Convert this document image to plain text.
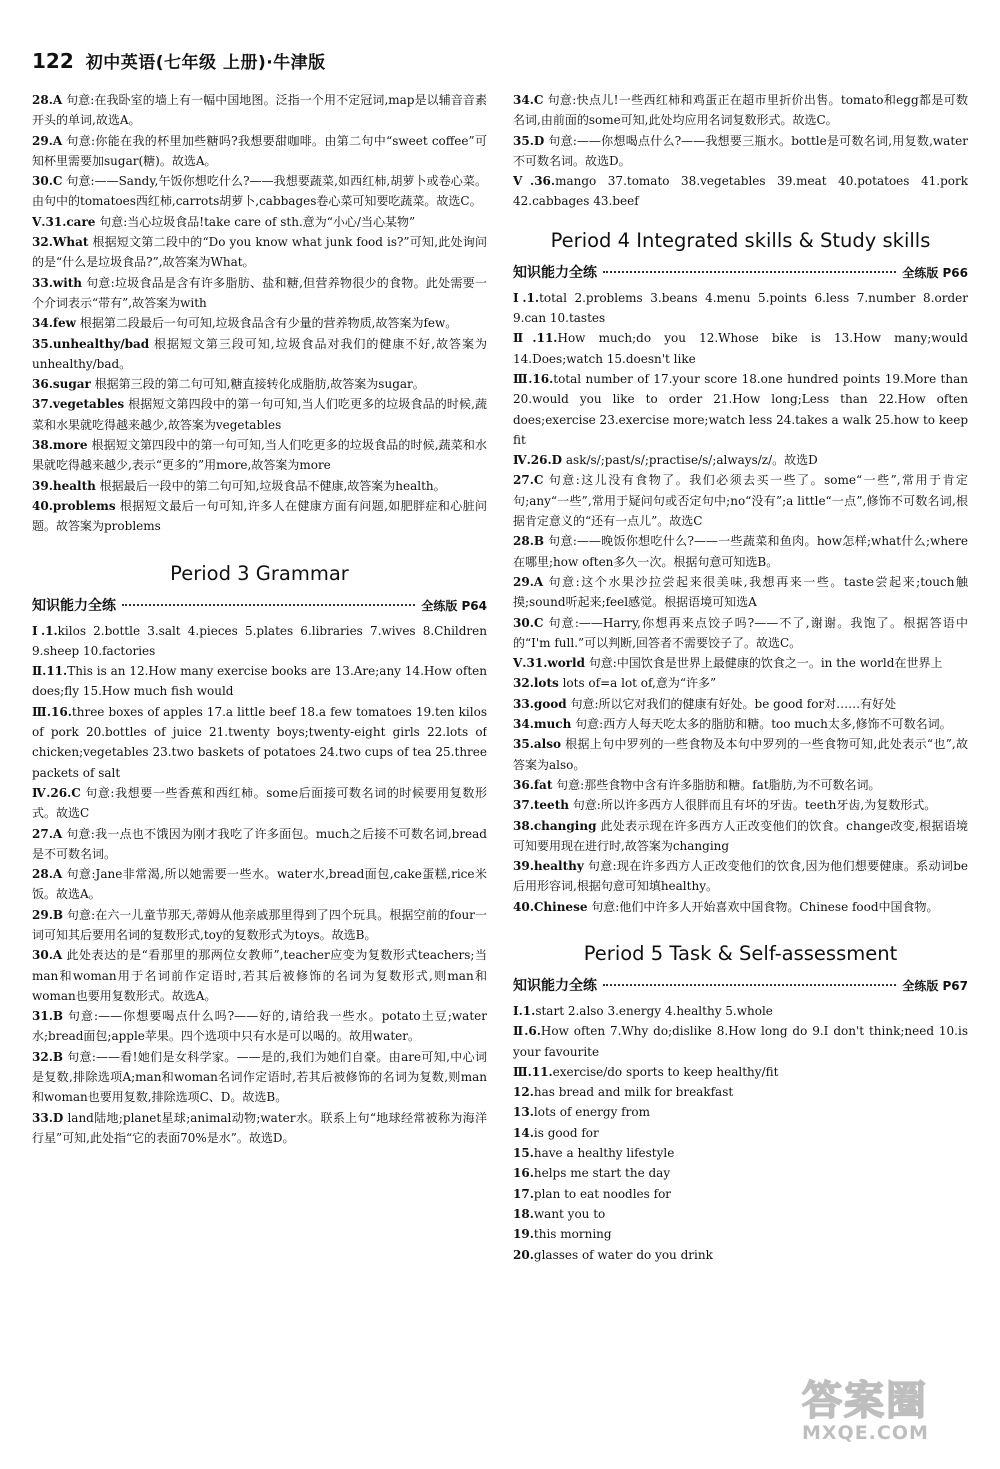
122 初中英语(七年级 上册)·牛津版

28.A 句意:在我卧室的墙上有一幅中国地图。泛指一个用不定冠词,map是以辅音音素开头的单词,故选A。

29.A 句意:你能在我的杯里加些糖吗?我想要甜咖啡。由第二句中“sweet coffee”可知杯里需要加sugar(糖)。故选A。

30.C 句意:——Sandy,午饭你想吃什么?——我想要蔬菜,如西红柿,胡萝卜或卷心菜。由句中的tomatoes西红柿,carrots胡萝卜,cabbages卷心菜可知要吃蔬菜。故选C。

Ⅴ.31.care 句意:当心垃圾食品!take care of sth.意为“小心/当心某物”

32.What 根据短文第二段中的“Do you know what junk food is?”可知,此处询问的是“什么是垃圾食品?”,故答案为What。

33.with 句意:垃圾食品是含有许多脂肪、盐和糖,但营养物很少的食物。此处需要一个介词表示“带有”,故答案为with

34.few 根据第二段最后一句可知,垃圾食品含有少量的营养物质,故答案为few。

35.unhealthy/bad 根据短文第三段可知,垃圾食品对我们的健康不好,故答案为unhealthy/bad。

36.sugar 根据第三段的第二句可知,糖直接转化成脂肪,故答案为sugar。

37.vegetables 根据短文第四段中的第一句可知,当人们吃更多的垃圾食品的时候,蔬菜和水果就吃得越来越少,故答案为vegetables

38.more 根据短文第四段中的第一句可知,当人们吃更多的垃圾食品的时候,蔬菜和水果就吃得越来越少,表示“更多的”用more,故答案为more

39.health 根据最后一段中的第二句可知,垃圾食品不健康,故答案为health。

40.problems 根据短文最后一句可知,许多人在健康方面有问题,如肥胖症和心脏问题。故答案为problems

Period 3 Grammar
知识能力全练	全练版 P64

Ⅰ.1.kilos 2.bottle 3.salt 4.pieces 5.plates 6.libraries 7.wives 8.Children 9.sheep 10.factories

Ⅱ.11.This is an 12.How many exercise books are 13.Are;any 14.How often does;fly 15.How much fish would

Ⅲ.16.three boxes of apples 17.a little beef 18.a few tomatoes 19.ten kilos of pork 20.bottles of juice 21.twenty boys;twenty-eight girls 22.lots of chicken;vegetables 23.two baskets of potatoes 24.two cups of tea 25.three packets of salt

Ⅳ.26.C 句意:我想要一些香蕉和西红柿。some后面接可数名词的时候要用复数形式。故选C

27.A 句意:我一点也不饿因为刚才我吃了许多面包。much之后接不可数名词,bread是不可数名词。

28.A 句意:Jane非常渴,所以她需要一些水。water水,bread面包,cake蛋糕,rice米饭。故选A。

29.B 句意:在六一儿童节那天,蒂姆从他亲戚那里得到了四个玩具。根据空前的four一词可知其后要用名词的复数形式,toy的复数形式为toys。故选B。

30.A 此处表达的是“看那里的那两位女教师”,teacher应变为复数形式teachers;当man和woman用于名词前作定语时,若其后被修饰的名词为复数形式,则man和woman也要用复数形式。故选A。

31.B 句意:——你想要喝点什么吗?——好的,请给我一些水。potato土豆;water水;bread面包;apple苹果。四个选项中只有水是可以喝的。故用water。

32.B 句意:——看!她们是女科学家。——是的,我们为她们自豪。由are可知,中心词是复数,排除选项A;man和woman名词作定语时,若其后被修饰的名词为复数,则man和woman也要用复数,排除选项C、D。故选B。

33.D land陆地;planet星球;animal动物;water水。联系上句“地球经常被称为海洋行星”可知,此处指“它的表面70%是水”。故选D。

34.C 句意:快点儿!一些西红柿和鸡蛋正在超市里折价出售。tomato和egg都是可数名词,由前面的some可知,此处均应用名词复数形式。故选C。

35.D 句意:——你想喝点什么?——我想要三瓶水。bottle是可数名词,用复数,water不可数名词。故选D。

Ⅴ.36.mango 37.tomato 38.vegetables 39.meat 40.potatoes 41.pork 42.cabbages 43.beef

Period 4 Integrated skills & Study skills
知识能力全练	全练版 P66

Ⅰ.1.total 2.problems 3.beans 4.menu 5.points 6.less 7.number 8.order 9.can 10.tastes

Ⅱ.11.How much;do you 12.Whose bike is 13.How many;would 14.Does;watch 15.doesn't like

Ⅲ.16.total number of 17.your score 18.one hundred points 19.More than 20.would you like to order 21.How long;Less than 22.How often does;exercise 23.exercise more;watch less 24.takes a walk 25.how to keep fit

Ⅳ.26.D ask/s/;past/s/;practise/s/;always/z/。故选D

27.C 句意:这儿没有食物了。我们必须去买一些了。some“一些”,常用于肯定句;any“一些”,常用于疑问句或否定句中;no“没有”;a little“一点”,修饰不可数名词,根据肯定意义的“还有一点儿”。故选C

28.B 句意:——晚饭你想吃什么?——一些蔬菜和鱼肉。how怎样;what什么;where在哪里;how often多久一次。根据句意可知选B。

29.A 句意:这个水果沙拉尝起来很美味,我想再来一些。taste尝起来;touch触摸;sound听起来;feel感觉。根据语境可知选A

30.C 句意:——Harry,你想再来点饺子吗?——不了,谢谢。我饱了。根据答语中的“I'm full.”可以判断,回答者不需要饺子了。故选C。

Ⅴ.31.world 句意:中国饮食是世界上最健康的饮食之一。in the world在世界上

32.lots lots of=a lot of,意为“许多”

33.good 句意:所以它对我们的健康有好处。be good for对……有好处

34.much 句意:西方人每天吃太多的脂肪和糖。too much太多,修饰不可数名词。

35.also 根据上句中罗列的一些食物及本句中罗列的一些食物可知,此处表示“也”,故答案为also。

36.fat 句意:那些食物中含有许多脂肪和糖。fat脂肪,为不可数名词。

37.teeth 句意:所以许多西方人很胖而且有坏的牙齿。teeth牙齿,为复数形式。

38.changing 此处表示现在许多西方人正改变他们的饮食。change改变,根据语境可知要用现在进行时,故答案为changing

39.healthy 句意:现在许多西方人正改变他们的饮食,因为他们想要健康。系动词be后用形容词,根据句意可知填healthy。

40.Chinese 句意:他们中许多人开始喜欢中国食物。Chinese food中国食物。

Period 5 Task & Self-assessment
知识能力全练	全练版 P67

Ⅰ.1.start 2.also 3.energy 4.healthy 5.whole

Ⅱ.6.How often 7.Why do;dislike 8.How long do 9.I don't think;need 10.is your favourite

Ⅲ.11.exercise/do sports to keep healthy/fit

12.has bread and milk for breakfast

13.lots of energy from

14.is good for

15.have a healthy lifestyle

16.helps me start the day

17.plan to eat noodles for

18.want you to

19.this morning

20.glasses of water do you drink

答案圈
MXQE.COM
